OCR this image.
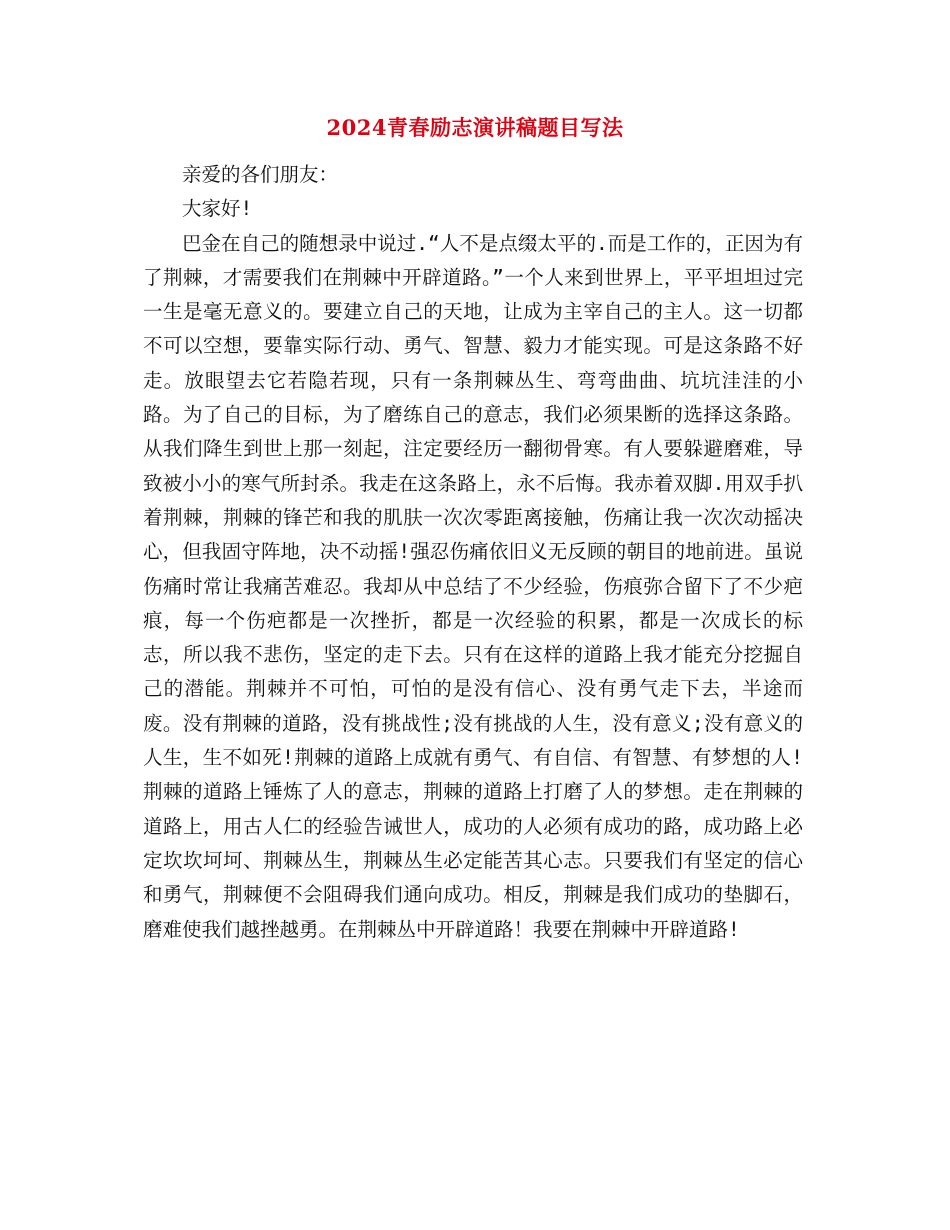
2024青春励志演讲稿题目写法

亲爱的各们朋友：

大家好!

巴金在自己的随想录中说过.“人不是点缀太平的.而是工作的，正因为有了荆棘，才需要我们在荆棘中开辟道路。”一个人来到世界上，平平坦坦过完一生是毫无意义的。要建立自己的天地，让成为主宰自己的主人。这一切都不可以空想，要靠实际行动、勇气、智慧、毅力才能实现。可是这条路不好走。放眼望去它若隐若现，只有一条荆棘丛生、弯弯曲曲、坑坑洼洼的小路。为了自己的目标，为了磨练自己的意志，我们必须果断的选择这条路。从我们降生到世上那一刻起，注定要经历一翻彻骨寒。有人要躲避磨难，导致被小小的寒气所封杀。我走在这条路上，永不后悔。我赤着双脚.用双手扒着荆棘，荆棘的锋芒和我的肌肤一次次零距离接触，伤痛让我一次次动摇决心，但我固守阵地，决不动摇!强忍伤痛依旧义无反顾的朝目的地前进。虽说伤痛时常让我痛苦难忍。我却从中总结了不少经验，伤痕弥合留下了不少疤痕，每一个伤疤都是一次挫折，都是一次经验的积累，都是一次成长的标志，所以我不悲伤，坚定的走下去。只有在这样的道路上我才能充分挖掘自己的潜能。荆棘并不可怕，可怕的是没有信心、没有勇气走下去，半途而废。没有荆棘的道路，没有挑战性;没有挑战的人生，没有意义;没有意义的人生，生不如死!荆棘的道路上成就有勇气、有自信、有智慧、有梦想的人!荆棘的道路上锤炼了人的意志，荆棘的道路上打磨了人的梦想。走在荆棘的道路上，用古人仁的经验告诫世人，成功的人必须有成功的路，成功路上必定坎坎坷坷、荆棘丛生，荆棘丛生必定能苦其心志。只要我们有坚定的信心和勇气，荆棘便不会阻碍我们通向成功。相反，荆棘是我们成功的垫脚石，磨难使我们越挫越勇。在荆棘丛中开辟道路！我要在荆棘中开辟道路!
